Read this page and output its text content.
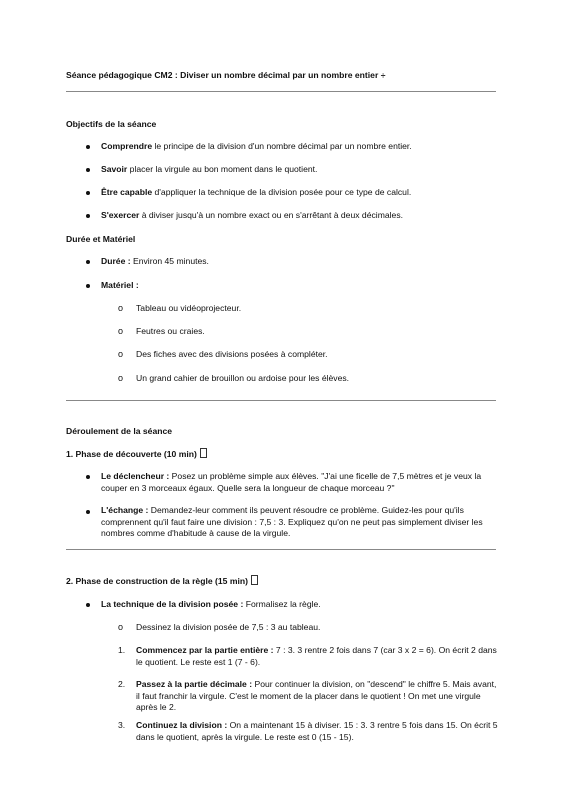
Séance pédagogique CM2 : Diviser un nombre décimal par un nombre entier ÷
Objectifs de la séance
Comprendre le principe de la division d'un nombre décimal par un nombre entier.
Savoir placer la virgule au bon moment dans le quotient.
Être capable d'appliquer la technique de la division posée pour ce type de calcul.
S'exercer à diviser jusqu'à un nombre exact ou en s'arrêtant à deux décimales.
Durée et Matériel
Durée : Environ 45 minutes.
Matériel :
o Tableau ou vidéoprojecteur.
o Feutres ou craies.
o Des fiches avec des divisions posées à compléter.
o Un grand cahier de brouillon ou ardoise pour les élèves.
Déroulement de la séance
1. Phase de découverte (10 min)
Le déclencheur : Posez un problème simple aux élèves. "J'ai une ficelle de 7,5 mètres et je veux la couper en 3 morceaux égaux. Quelle sera la longueur de chaque morceau ?"
L'échange : Demandez-leur comment ils peuvent résoudre ce problème. Guidez-les pour qu'ils comprennent qu'il faut faire une division : 7,5 : 3. Expliquez qu'on ne peut pas simplement diviser les nombres comme d'habitude à cause de la virgule.
2. Phase de construction de la règle (15 min)
La technique de la division posée : Formalisez la règle.
o Dessinez la division posée de 7,5 : 3 au tableau.
1. Commencez par la partie entière : 7 : 3. 3 rentre 2 fois dans 7 (car 3 x 2 = 6). On écrit 2 dans le quotient. Le reste est 1 (7 - 6).
2. Passez à la partie décimale : Pour continuer la division, on "descend" le chiffre 5. Mais avant, il faut franchir la virgule. C'est le moment de la placer dans le quotient ! On met une virgule après le 2.
3. Continuez la division : On a maintenant 15 à diviser. 15 : 3. 3 rentre 5 fois dans 15. On écrit 5 dans le quotient, après la virgule. Le reste est 0 (15 - 15).
